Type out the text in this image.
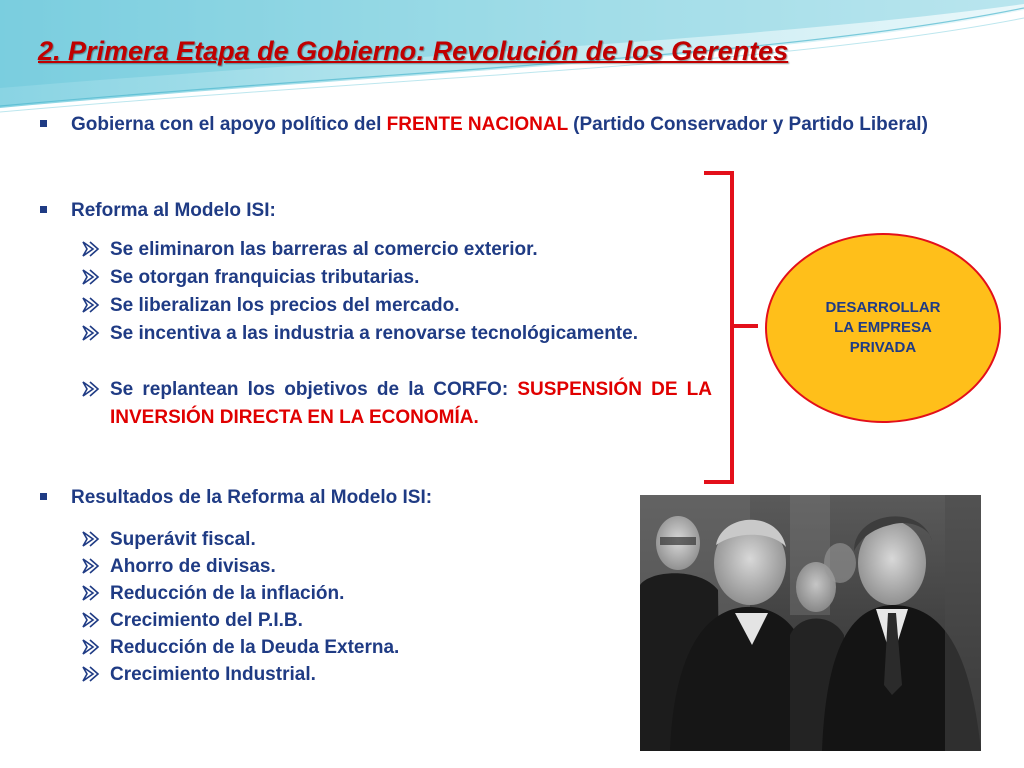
2. Primera Etapa de Gobierno: Revolución de los Gerentes
Gobierna con el apoyo político del FRENTE NACIONAL (Partido Conservador y Partido Liberal)
Reforma al Modelo ISI:
Se eliminaron las barreras al comercio exterior.
Se otorgan franquicias tributarias.
Se liberalizan los precios del mercado.
Se incentiva a las industria a renovarse tecnológicamente.
Se replantean los objetivos de la CORFO: SUSPENSIÓN DE LA INVERSIÓN DIRECTA EN LA ECONOMÍA.
DESARROLLAR
LA EMPRESA
PRIVADA
Resultados de la Reforma al Modelo ISI:
Superávit fiscal.
Ahorro de divisas.
Reducción de la inflación.
Crecimiento del P.I.B.
Reducción de la Deuda Externa.
Crecimiento Industrial.
